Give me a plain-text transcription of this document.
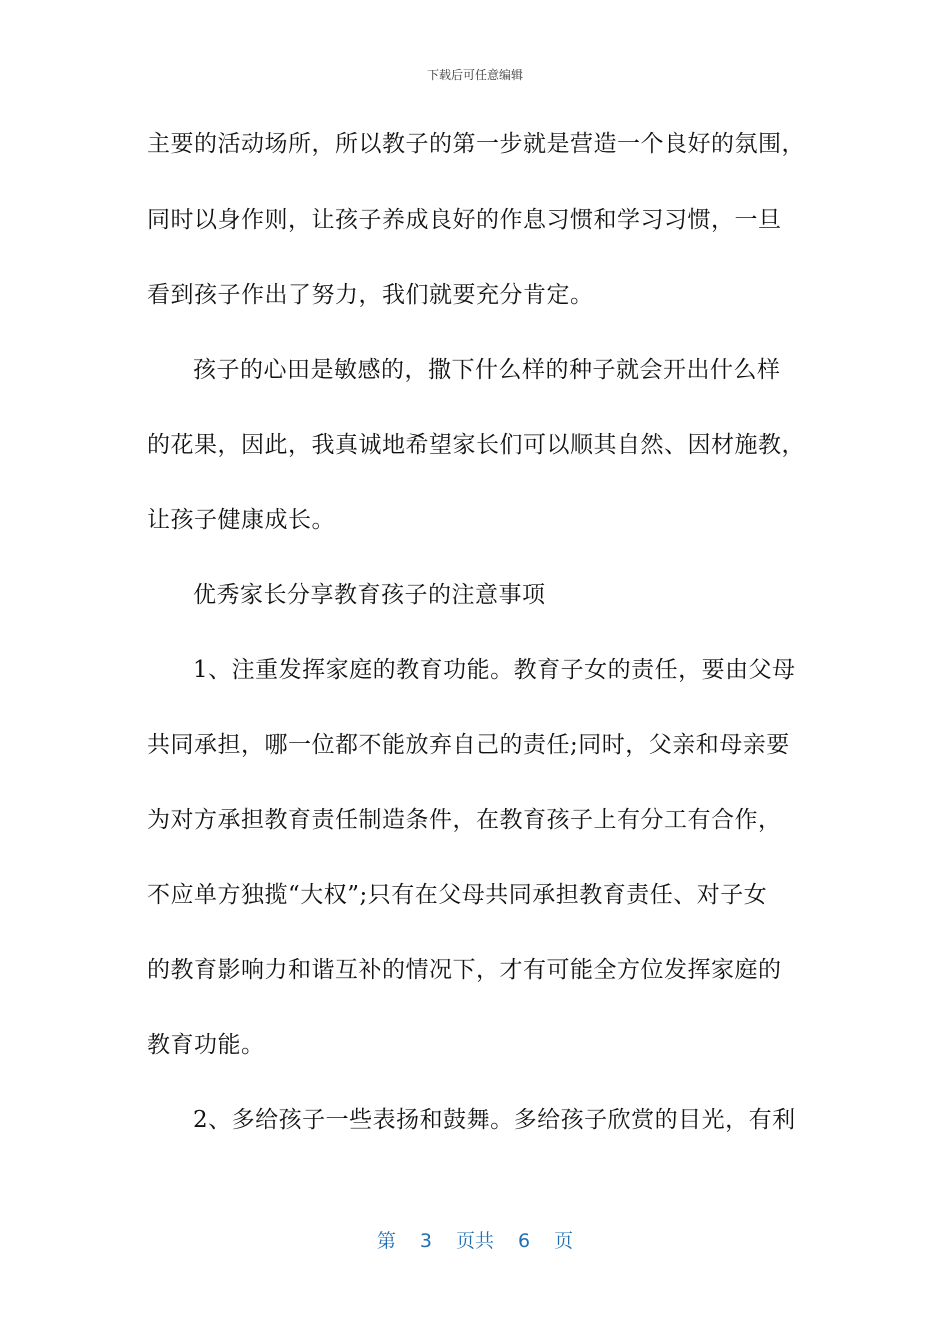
下载后可任意编辑
主要的活动场所，所以教子的第一步就是营造一个良好的氛围，
同时以身作则，让孩子养成良好的作息习惯和学习习惯，一旦
看到孩子作出了努力，我们就要充分肯定。
孩子的心田是敏感的，撒下什么样的种子就会开出什么样
的花果，因此，我真诚地希望家长们可以顺其自然、因材施教，
让孩子健康成长。
优秀家长分享教育孩子的注意事项
1、注重发挥家庭的教育功能。教育子女的责任，要由父母
共同承担，哪一位都不能放弃自己的责任;同时，父亲和母亲要
为对方承担教育责任制造条件，在教育孩子上有分工有合作，
不应单方独揽“大权”;只有在父母共同承担教育责任、对子女
的教育影响力和谐互补的情况下，才有可能全方位发挥家庭的
教育功能。
2、多给孩子一些表扬和鼓舞。多给孩子欣赏的目光，有利
第 3 页共 6 页
